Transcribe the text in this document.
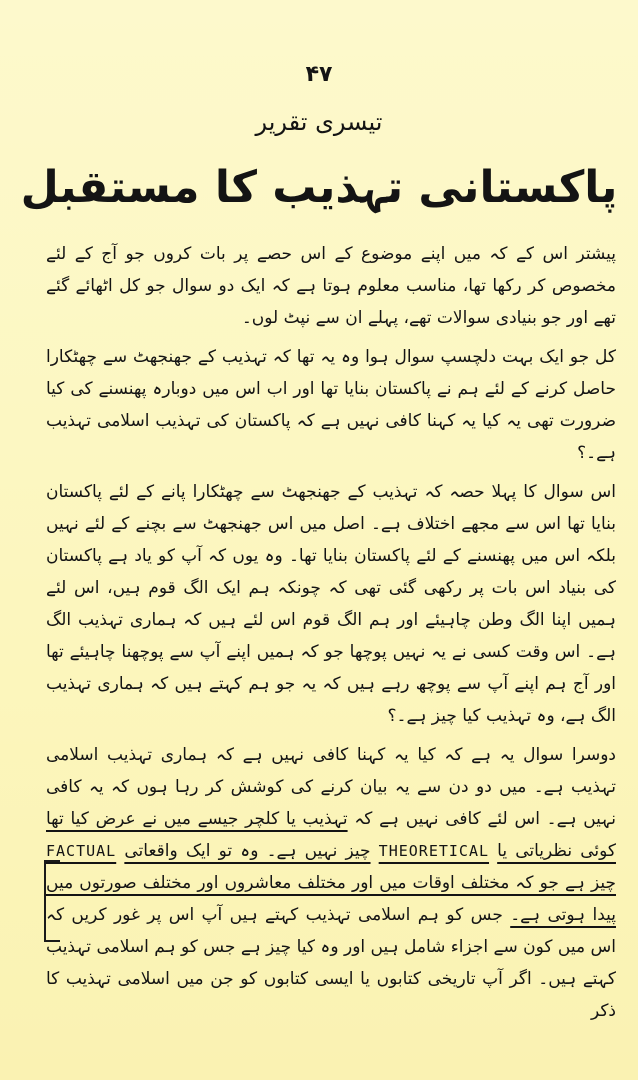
۴۷
تیسری تقریر
پاکستانی تہذیب کا مستقبل

پیشتر اس کے کہ میں اپنے موضوع کے اس حصے پر بات کروں جو آج کے لئے مخصوص کر رکھا تھا، مناسب معلوم ہوتا ہے کہ ایک دو سوال جو کل اٹھائے گئے تھے اور جو بنیادی سوالات تھے، پہلے ان سے نپٹ لوں۔

کل جو ایک بہت دلچسپ سوال ہوا وہ یہ تھا کہ تہذیب کے جھنجھٹ سے چھٹکارا حاصل کرنے کے لئے ہم نے پاکستان بنایا تھا اور اب اس میں دوبارہ پھنسنے کی کیا ضرورت تھی یہ کیا یہ کہنا کافی نہیں ہے کہ پاکستان کی تہذیب اسلامی تہذیب ہے۔؟

اس سوال کا پہلا حصہ کہ تہذیب کے جھنجھٹ سے چھٹکارا پانے کے لئے پاکستان بنایا تھا اس سے مجھے اختلاف ہے۔ اصل میں اس جھنجھٹ سے بچنے کے لئے نہیں بلکہ اس میں پھنسنے کے لئے پاکستان بنایا تھا۔ وہ یوں کہ آپ کو یاد ہے پاکستان کی بنیاد اس بات پر رکھی گئی تھی کہ چونکہ ہم ایک الگ قوم ہیں، اس لئے ہمیں اپنا الگ وطن چاہیئے اور ہم الگ قوم اس لئے ہیں کہ ہماری تہذیب الگ ہے۔ اس وقت کسی نے یہ نہیں پوچھا جو کہ ہمیں اپنے آپ سے پوچھنا چاہیئے تھا اور آج ہم اپنے آپ سے پوچھ رہے ہیں کہ یہ جو ہم کہتے ہیں کہ ہماری تہذیب الگ ہے، وہ تہذیب کیا چیز ہے۔؟

دوسرا سوال یہ ہے کہ کیا یہ کہنا کافی نہیں ہے کہ ہماری تہذیب اسلامی تہذیب ہے۔ میں دو دن سے یہ بیان کرنے کی کوشش کر رہا ہوں کہ یہ کافی نہیں ہے۔ اس لئے کافی نہیں ہے کہ تہذیب یا کلچر جیسے میں نے عرض کیا تھا کوئی نظریاتی یا THEORETICAL چیز نہیں ہے۔ وہ تو ایک واقعاتی FACTUAL چیز ہے جو کہ مختلف اوقات میں اور مختلف معاشروں اور مختلف صورتوں میں پیدا ہوتی ہے۔ جس کو ہم اسلامی تہذیب کہتے ہیں آپ اس پر غور کریں کہ اس میں کون سے اجزاء شامل ہیں اور وہ کیا چیز ہے جس کو ہم اسلامی تہذیب کہتے ہیں۔ اگر آپ تاریخی کتابوں یا ایسی کتابوں کو جن میں اسلامی تہذیب کا ذکر
